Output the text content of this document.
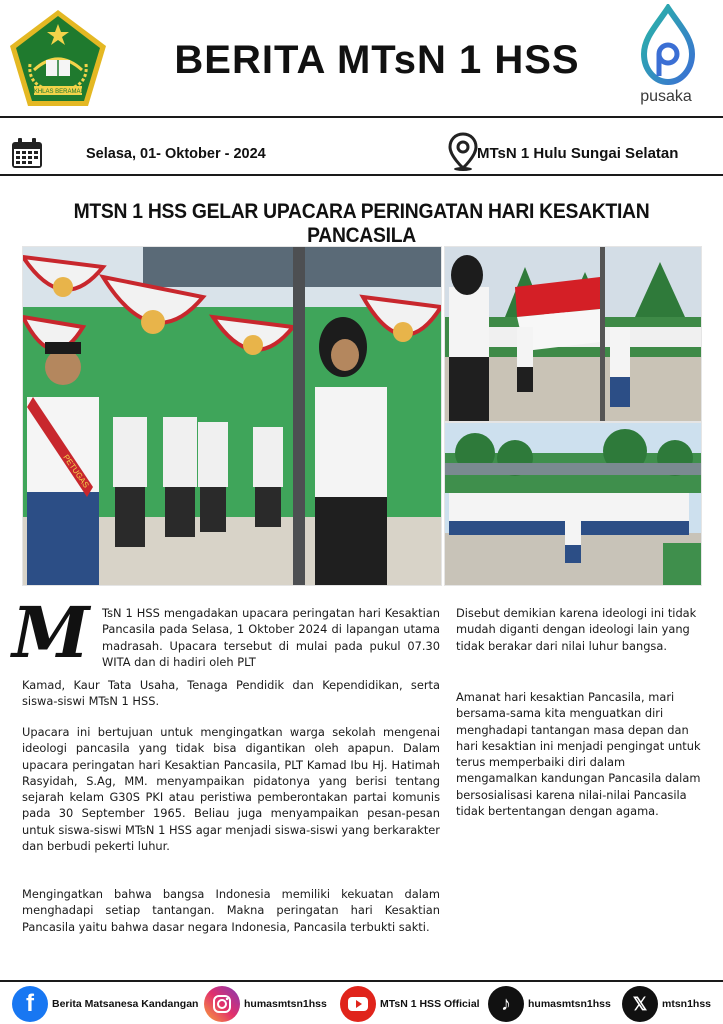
IKHLAS BERAMAL
BERITA MTsN 1 HSS
pusaka
Selasa, 01- Oktober - 2024	MTsN 1 Hulu Sungai Selatan
MTSN 1 HSS GELAR UPACARA PERINGATAN HARI KESAKTIAN PANCASILA
PETUGAS
M TsN 1 HSS mengadakan upacara peringatan hari Kesaktian Pancasila pada Selasa, 1 Oktober 2024 di lapangan utama madrasah. Upacara tersebut di mulai pada pukul 07.30 WITA dan di hadiri oleh PLT
Kamad, Kaur Tata Usaha, Tenaga Pendidik dan Kependidikan, serta siswa-siswi MTsN 1 HSS.
Upacara ini bertujuan untuk mengingatkan warga sekolah mengenai ideologi pancasila yang tidak bisa digantikan oleh apapun. Dalam upacara peringatan hari Kesaktian Pancasila, PLT Kamad Ibu Hj. Hatimah Rasyidah, S.Ag, MM. menyampaikan pidatonya yang berisi tentang sejarah kelam G30S PKI atau peristiwa pemberontakan partai komunis pada 30 September 1965. Beliau juga menyampaikan pesan-pesan untuk siswa-siswi MTsN 1 HSS agar menjadi siswa-siswi yang berkarakter dan berbudi pekerti luhur.
Mengingatkan bahwa bangsa Indonesia memiliki kekuatan dalam menghadapi setiap tantangan. Makna peringatan hari Kesaktian Pancasila yaitu bahwa dasar negara Indonesia, Pancasila terbukti sakti.
Disebut demikian karena ideologi ini tidak mudah diganti dengan ideologi lain yang tidak berakar dari nilai luhur bangsa.
Amanat hari kesaktian Pancasila, mari bersama-sama kita menguatkan diri menghadapi tantangan masa depan dan hari kesaktian ini menjadi pengingat untuk terus memperbaiki diri dalam mengamalkan kandungan Pancasila dalam bersosialisasi karena nilai-nilai Pancasila tidak bertentangan dengan agama.
f	Berita Matsanesa Kandangan	humasmtsn1hss	MTsN 1 HSS Official	♪	humasmtsn1hss	𝕏	mtsn1hss
